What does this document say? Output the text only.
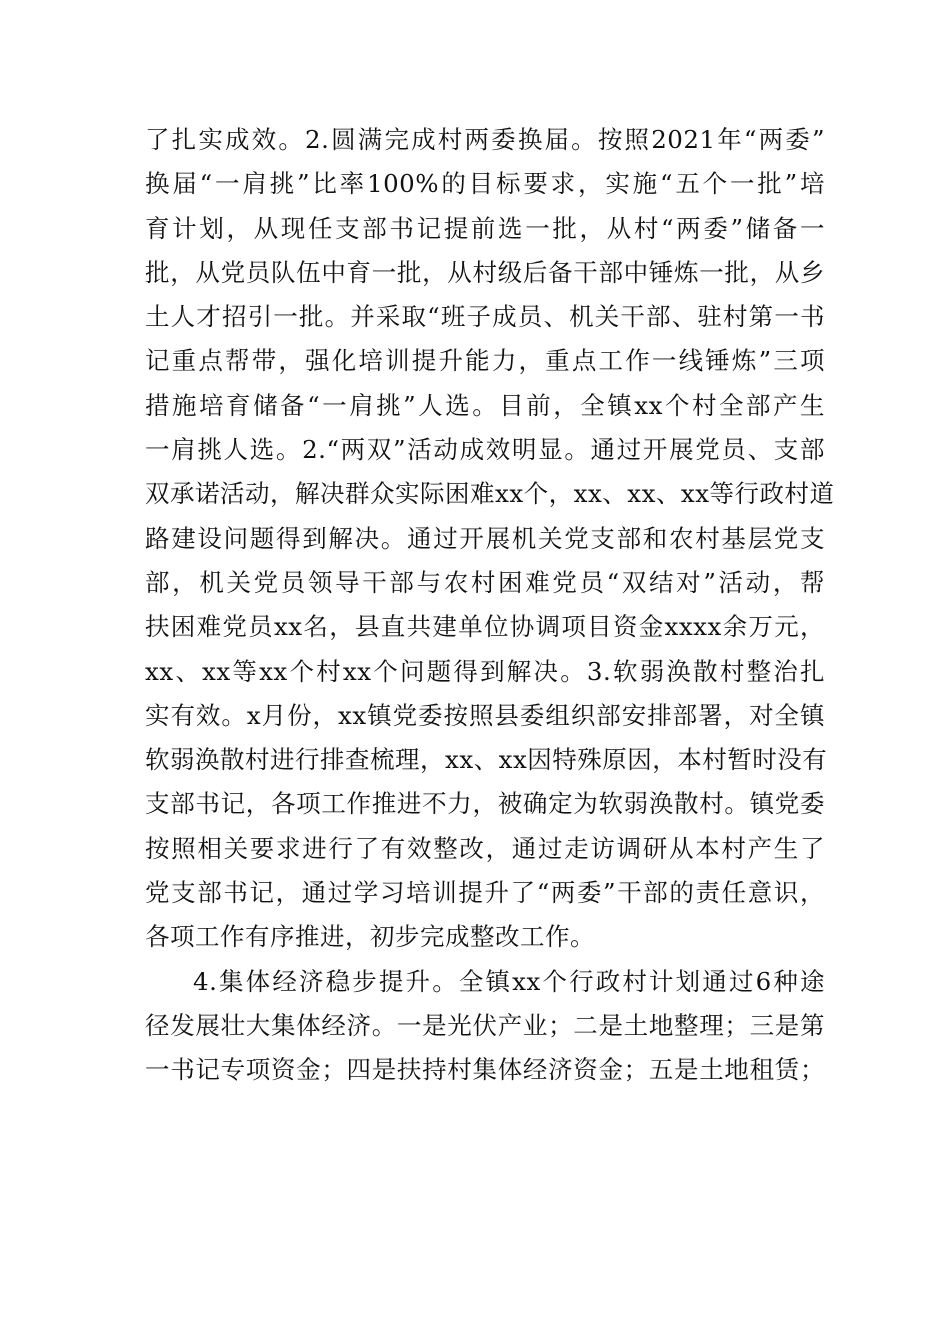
了扎实成效。2.圆满完成村两委换届。按照2021年“两委”
换届“一肩挑”比率100%的目标要求，实施“五个一批”培
育计划，从现任支部书记提前选一批，从村“两委”储备一
批，从党员队伍中育一批，从村级后备干部中锤炼一批，从乡
土人才招引一批。并采取“班子成员、机关干部、驻村第一书
记重点帮带，强化培训提升能力，重点工作一线锤炼”三项
措施培育储备“一肩挑”人选。目前，全镇xx个村全部产生
一肩挑人选。2.“两双”活动成效明显。通过开展党员、支部
双承诺活动，解决群众实际困难xx个，xx、xx、xx等行政村道
路建设问题得到解决。通过开展机关党支部和农村基层党支
部，机关党员领导干部与农村困难党员“双结对”活动，帮
扶困难党员xx名，县直共建单位协调项目资金xxxx余万元，
xx、xx等xx个村xx个问题得到解决。3.软弱涣散村整治扎
实有效。x月份，xx镇党委按照县委组织部安排部署，对全镇
软弱涣散村进行排查梳理，xx、xx因特殊原因，本村暂时没有
支部书记，各项工作推进不力，被确定为软弱涣散村。镇党委
按照相关要求进行了有效整改，通过走访调研从本村产生了
党支部书记，通过学习培训提升了“两委”干部的责任意识，
各项工作有序推进，初步完成整改工作。
4.集体经济稳步提升。全镇xx个行政村计划通过6种途
径发展壮大集体经济。一是光伏产业；二是土地整理；三是第
一书记专项资金；四是扶持村集体经济资金；五是土地租赁；
